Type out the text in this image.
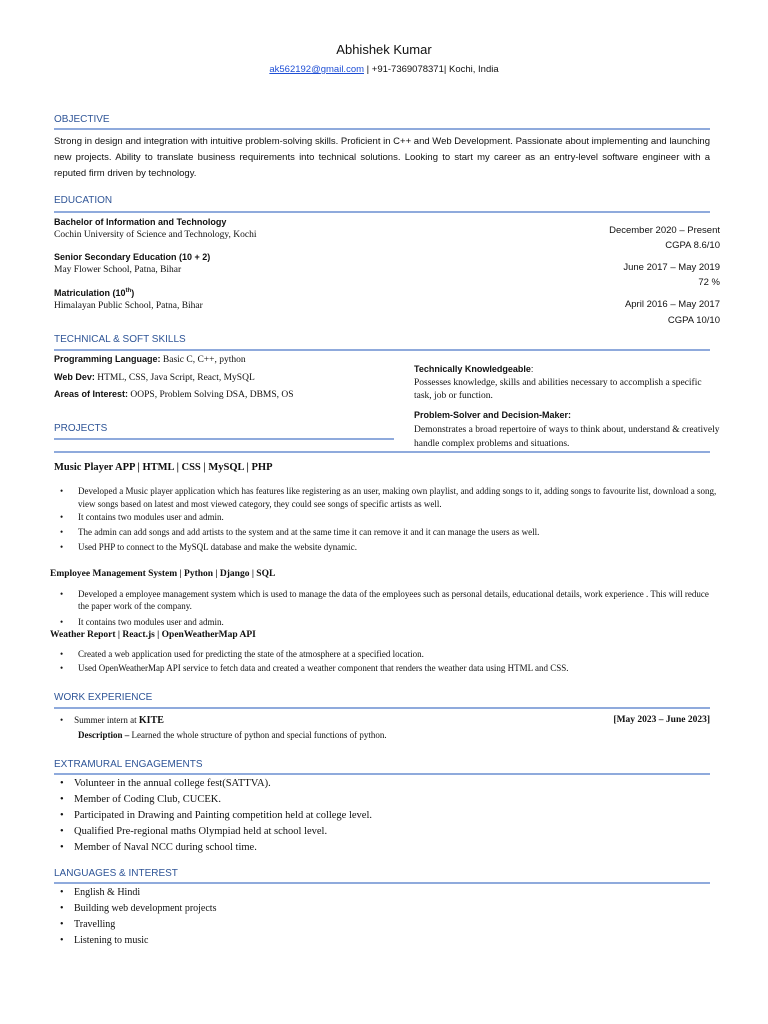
Abhishek Kumar
ak562192@gmail.com | +91-7369078371| Kochi, India
OBJECTIVE
Strong in design and integration with intuitive problem-solving skills. Proficient in C++ and Web Development. Passionate about implementing and launching new projects. Ability to translate business requirements into technical solutions. Looking to start my career as an entry-level software engineer with a reputed firm driven by technology.
EDUCATION
Bachelor of Information and Technology
Cochin University of Science and Technology, Kochi	December 2020 – Present
CGPA 8.6/10
Senior Secondary Education (10 + 2)
May Flower School, Patna, Bihar	June 2017 – May 2019
72 %
Matriculation (10th)
Himalayan Public School, Patna, Bihar	April 2016 – May 2017
CGPA 10/10
TECHNICAL & SOFT SKILLS
Programming Language: Basic C, C++, python
Web Dev: HTML, CSS, Java Script, React, MySQL
Areas of Interest: OOPS, Problem Solving DSA, DBMS, OS
Technically Knowledgeable:
Possesses knowledge, skills and abilities necessary to accomplish a specific task, job or function.
Problem-Solver and Decision-Maker:
Demonstrates a broad repertoire of ways to think about, understand & creatively handle complex problems and situations.
PROJECTS
Music Player APP | HTML | CSS | MySQL | PHP
• Developed a Music player application which has features like registering as an user, making own playlist, and adding songs to it, adding songs to favourite list, download a song, view songs based on latest and most viewed category, they could see songs of specific artists as well.
• It contains two modules user and admin.
• The admin can add songs and add artists to the system and at the same time it can remove it and it can manage the users as well.
• Used PHP to connect to the MySQL database and make the website dynamic.
Employee Management System | Python | Django | SQL
• Developed a employee management system which is used to manage the data of the employees such as personal details, educational details, work experience . This will reduce the paper work of the company.
• It contains two modules user and admin.
Weather Report | React.js | OpenWeatherMap API
• Created a web application used for predicting the state of the atmosphere at a specified location.
• Used OpenWeatherMap API service to fetch data and created a weather component that renders the weather data using HTML and CSS.
WORK EXPERIENCE
• Summer intern at KITE	[May 2023 – June 2023]
Description – Learned the whole structure of python and special functions of python.
EXTRAMURAL ENGAGEMENTS
• Volunteer in the annual college fest(SATTVA).
• Member of Coding Club, CUCEK.
• Participated in Drawing and Painting competition held at college level.
• Qualified Pre-regional maths Olympiad held at school level.
• Member of Naval NCC during school time.
LANGUAGES & INTEREST
• English & Hindi
• Building web development projects
• Travelling
• Listening to music
